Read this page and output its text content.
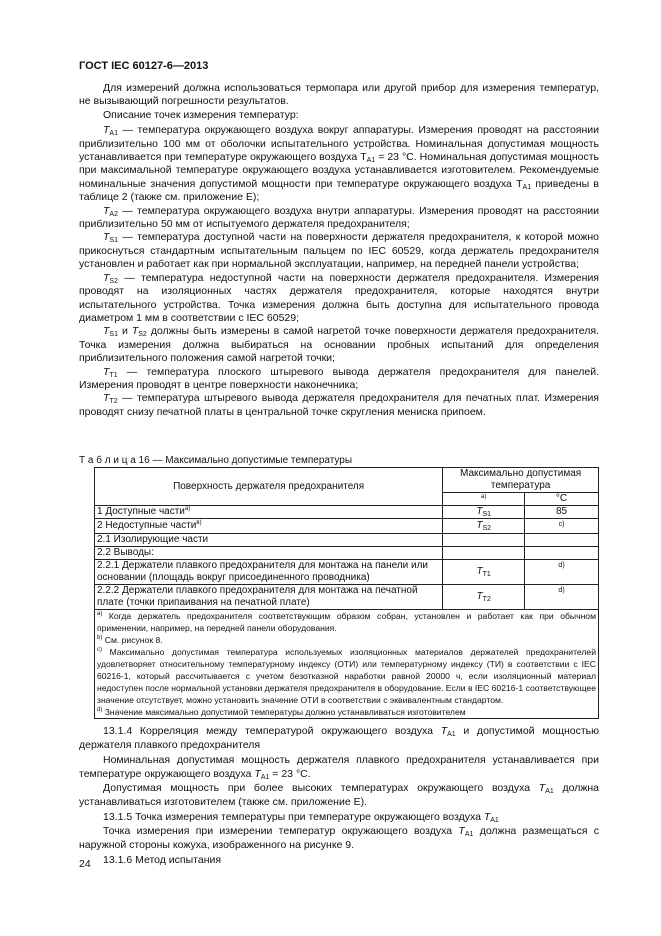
ГОСТ IEC 60127-6—2013

Для измерений должна использоваться термопара или другой прибор для измерения температур, не вызывающий погрешности результатов.

Описание точек измерения температур:

$T_{A1}$ — температура окружающего воздуха вокруг аппаратуры. Измерения проводят на расстоянии приблизительно 100 мм от оболочки испытательного устройства. Номинальная допустимая мощность устанавливается при температуре окружающего воздуха $T_{A1} = 23$ °С. Номинальная допустимая мощность при максимальной температуре окружающего воздуха устанавливается изготовителем. Рекомендуемые номинальные значения допустимой мощности при температуре окружающего воздуха $T_{A1}$ приведены в таблице 2 (также см. приложение Е);

$T_{A2}$ — температура окружающего воздуха внутри аппаратуры. Измерения проводят на расстоянии приблизительно 50 мм от испытуемого держателя предохранителя;

$T_{S1}$ — температура доступной части на поверхности держателя предохранителя, к которой можно прикоснуться стандартным испытательным пальцем по IEC 60529, когда держатель предохранителя установлен и работает как при нормальной эксплуатации, например, на передней панели устройства;

$T_{S2}$ — температура недоступной части на поверхности держателя предохранителя. Измерения проводят на изоляционных частях держателя предохранителя, которые находятся внутри испытательного устройства. Точка измерения должна быть доступна для испытательного провода диаметром 1 мм в соответствии с IEC 60529;

$T_{S1}$ и $T_{S2}$ должны быть измерены в самой нагретой точке поверхности держателя предохранителя. Точка измерения должна выбираться на основании пробных испытаний для определения приблизительного положения самой нагретой точки;

$T_{T1}$ — температура плоского штыревого вывода держателя предохранителя для панелей. Измерения проводят в центре поверхности наконечника;

$T_{T2}$ — температура штыревого вывода держателя предохранителя для печатных плат. Измерения проводят снизу печатной платы в центральной точке скругления мениска припоем.

Т а б л и ц а 16 — Максимально допустимые температуры
Поверхность держателя предохранителя	Максимально допустимая температура	
	а)	°С
1 Доступные части$^{а)}$	$T_{S1}$	85
2 Недоступные части$^{в)}$	$T_{S2}$	$^{с)}$
2.1 Изолирующие части		
2.2 Выводы:		
2.2.1 Держатели плавкого предохранителя для монтажа на панели или основании (площадь вокруг присоединенного проводника)	$T_{T1}$	$^{d)}$
2.2.2 Держатели плавкого предохранителя для монтажа на печатной плате (точки припаивания на печатной плате)	$T_{T2}$	$^{d)}$

$^{а)}$ Когда держатель предохранителя соответствующим образом собран, установлен и работает как при обычном применении, например, на передней панели оборудования.

$^{b)}$ См. рисунок 8.

$^{c)}$ Максимально допустимая температура используемых изоляционных материалов держателей предохранителей удовлетворяет относительному температурному индексу (ОТИ) или температурному индексу (ТИ) в соответствии с IEC 60216-1, который рассчитывается с учетом безотказной наработки равной 20000 ч, если изоляционный материал недоступен после нормальной установки держателя предохранителя в оборудование. Если в IEC 60216-1 соответствующее значение отсутствует, можно установить значение ОТИ в соответствии с эквивалентным стандартом.

$^{d)}$ Значение максимально допустимой температуры должно устанавливаться изготовителем		

13.1.4 Корреляция между температурой окружающего воздуха $T_{A1}$ и допустимой мощностью держателя плавкого предохранителя

Номинальная допустимая мощность держателя плавкого предохранителя устанавливается при температуре окружающего воздуха $T_{A1} = 23$ °С.

Допустимая мощность при более высоких температурах окружающего воздуха $T_{A1}$ должна устанавливаться изготовителем (также см. приложение Е).

13.1.5 Точка измерения температуры при температуре окружающего воздуха $T_{A1}$

Точка измерения при измерении температур окружающего воздуха $T_{A1}$ должна размещаться с наружной стороны кожуха, изображенного на рисунке 9.

13.1.6 Метод испытания

24
